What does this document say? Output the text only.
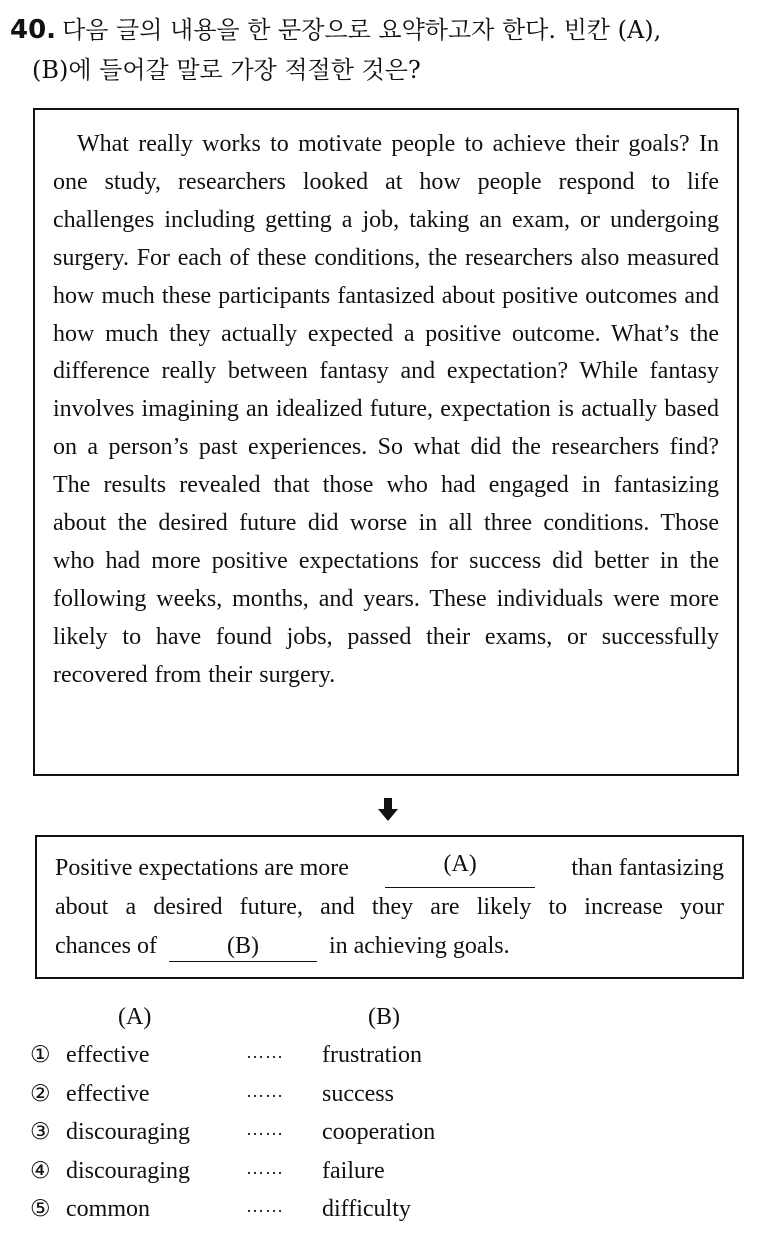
40. 다음 글의 내용을 한 문장으로 요약하고자 한다. 빈칸 (A),
(B)에 들어갈 말로 가장 적절한 것은?

What really works to motivate people to achieve their goals? In one study, researchers looked at how people respond to life challenges including getting a job, taking an exam, or undergoing surgery. For each of these conditions, the researchers also measured how much these participants fantasized about positive outcomes and how much they actually expected a positive outcome. What’s the difference really between fantasy and expectation? While fantasy involves imagining an idealized future, expectation is actually based on a person’s past experiences. So what did the researchers find? The results revealed that those who had engaged in fantasizing about the desired future did worse in all three conditions. Those who had more positive expectations for success did better in the following weeks, months, and years. These individuals were more likely to have found jobs, passed their exams, or successfully recovered from their surgery.

Positive expectations are more	(A)	than fantasizing
about a desired future, and they are likely to increase your
chances of	(B)	in achieving goals.
(A)	(B)
① effective	…… frustration
② effective	…… success
③ discouraging	…… cooperation
④ discouraging	…… failure
⑤ common	…… difficulty
